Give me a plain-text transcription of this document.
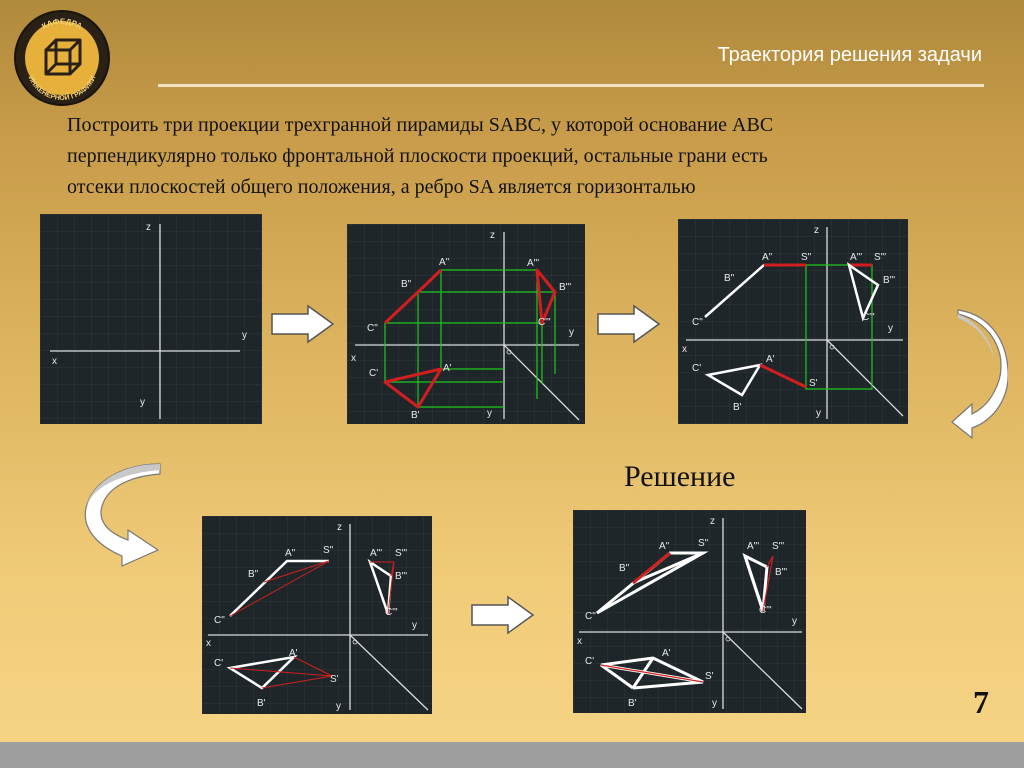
КАФЕДРА
ИНЖЕНЕРНОЙ ГРАФИКИ
Траектория решения задачи

Построить три проекции трехгранной пирамиды SABC, у которой основание АВС

перпендикулярно только фронтальной плоскости проекций, остальные грани есть

отсеки плоскостей общего положения, а ребро SA является горизонталью

z
y
x
y
z
y
x
y
A"
B"
C"
A"'
B"'
C"'
A'
B'
C'
z
y
x
y
A"	S"
B"
C"
A"' S"'
B"'
C"'
A'
S'
B'
C'
z
y
x
y
A"	S"
B"
C"
A"' S"'
B"'
C"'
A'
S'
B'
C'
Решение
z
y
x
y
A"	S"
B"
C"
A"' S"'
B"'
C"'
A'
S'
B'
C'
7
